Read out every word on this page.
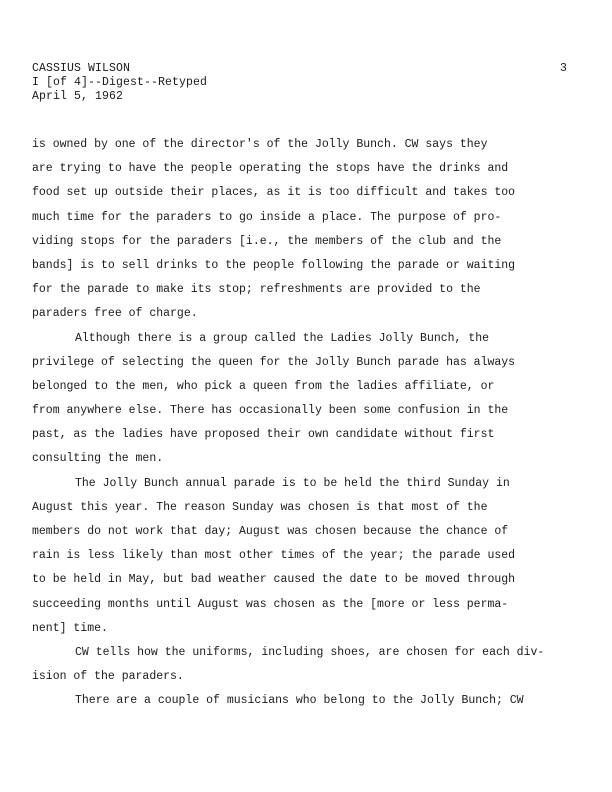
CASSIUS WILSON
I [of 4]--Digest--Retyped
April 5, 1962
3
is owned by one of the director's of the Jolly Bunch. CW says they
are trying to have the people operating the stops have the drinks and
food set up outside their places, as it is too difficult and takes too
much time for the paraders to go inside a place. The purpose of pro-
viding stops for the paraders [i.e., the members of the club and the
bands] is to sell drinks to the people following the parade or waiting
for the parade to make its stop; refreshments are provided to the
paraders free of charge.
Although there is a group called the Ladies Jolly Bunch, the
privilege of selecting the queen for the Jolly Bunch parade has always
belonged to the men, who pick a queen from the ladies affiliate, or
from anywhere else. There has occasionally been some confusion in the
past, as the ladies have proposed their own candidate without first
consulting the men.
The Jolly Bunch annual parade is to be held the third Sunday in
August this year. The reason Sunday was chosen is that most of the
members do not work that day; August was chosen because the chance of
rain is less likely than most other times of the year; the parade used
to be held in May, but bad weather caused the date to be moved through
succeeding months until August was chosen as the [more or less perma-
nent] time.
CW tells how the uniforms, including shoes, are chosen for each div-
ision of the paraders.
There are a couple of musicians who belong to the Jolly Bunch; CW
